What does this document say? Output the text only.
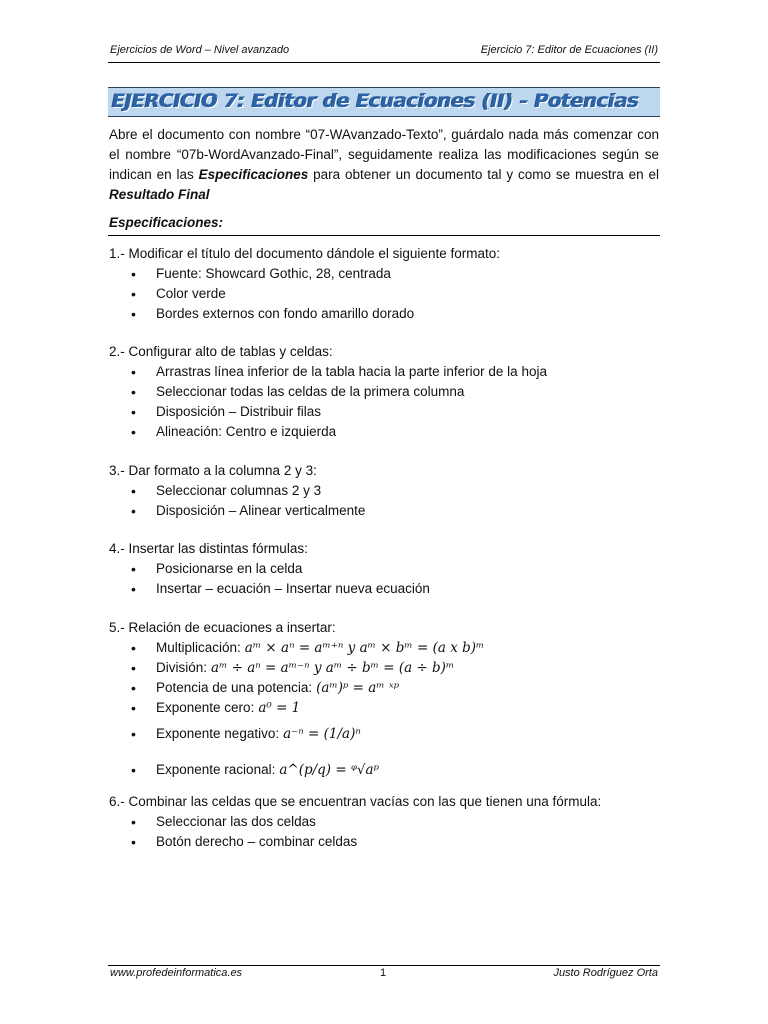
Ejercicios de Word – Nivel avanzado	Ejercicio 7: Editor de Ecuaciones (II)
EJERCICIO 7: Editor de Ecuaciones (II) - Potencias

Abre el documento con nombre “07-WAvanzado-Texto”, guárdalo nada más comenzar con el nombre “07b-WordAvanzado-Final”, seguidamente realiza las modificaciones según se indican en las Especificaciones para obtener un documento tal y como se muestra en el Resultado Final

Especificaciones:

1.- Modificar el título del documento dándole el siguiente formato:

• Fuente: Showcard Gothic, 28, centrada
• Color verde
• Bordes externos con fondo amarillo dorado

2.- Configurar alto de tablas y celdas:

• Arrastras línea inferior de la tabla hacia la parte inferior de la hoja
• Seleccionar todas las celdas de la primera columna
• Disposición – Distribuir filas
• Alineación: Centro e izquierda

3.- Dar formato a la columna 2 y 3:

• Seleccionar columnas 2 y 3
• Disposición – Alinear verticalmente

4.- Insertar las distintas fórmulas:

• Posicionarse en la celda
• Insertar – ecuación – Insertar nueva ecuación

5.- Relación de ecuaciones a insertar:

• Multiplicación: aᵐ × aⁿ = aᵐ⁺ⁿ y aᵐ × bᵐ = (a x b)ᵐ
• División: aᵐ ÷ aⁿ = aᵐ⁻ⁿ y aᵐ ÷ bᵐ = (a ÷ b)ᵐ
• Potencia de una potencia: (aᵐ)ᵖ = aᵐ ˣᵖ
• Exponente cero: a⁰ = 1
• Exponente negativo: a⁻ⁿ = (1/a)ⁿ
• Exponente racional: a^(p/q) = ᵠ√aᵖ

6.- Combinar las celdas que se encuentran vacías con las que tienen una fórmula:

• Seleccionar las dos celdas
• Botón derecho – combinar celdas
www.profedeinformatica.es	1	Justo Rodríguez Orta
